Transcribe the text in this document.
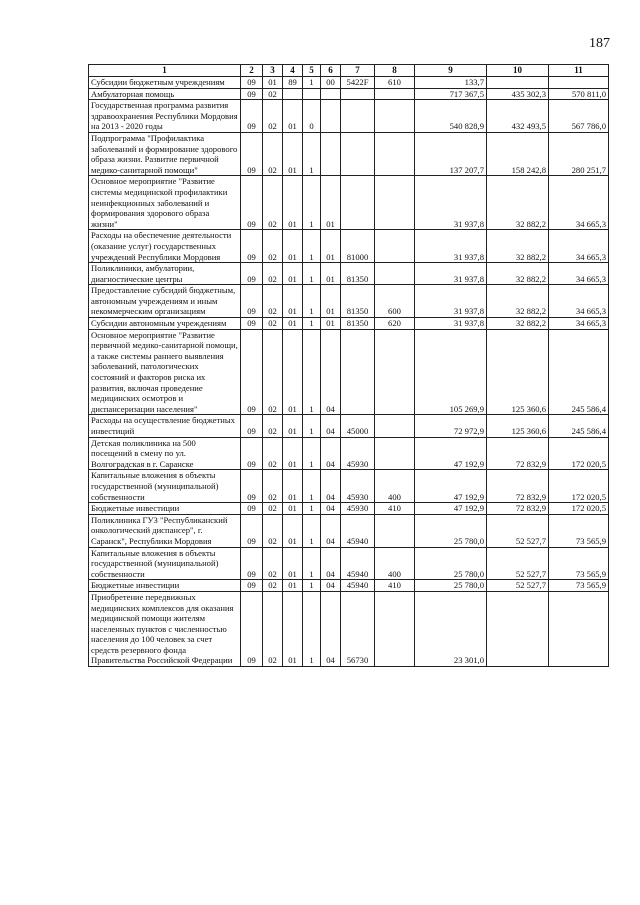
187
1	2	3	4	5	6	7	8	9	10	11
Субсидии бюджетным учреждениям	09	01	89	1	00	5422F	610	133,7		
Амбулаторная помощь	09	02						717 367,5	435 302,3	570 811,0
Государственная программа развития здравоохранения Республики Мордовия на 2013 - 2020 годы	09	02	01	0				540 828,9	432 493,5	567 786,0
Подпрограмма "Профилактика заболеваний и формирование здорового образа жизни. Развитие первичной медико-санитарной помощи"	09	02	01	1				137 207,7	158 242,8	280 251,7
Основное мероприятие "Развитие системы медицинской профилактики неинфекционных заболеваний и формирования здорового образа жизни"	09	02	01	1	01			31 937,8	32 882,2	34 665,3
Расходы на обеспечение деятельности (оказание услуг) государственных учреждений Республики Мордовия	09	02	01	1	01	81000		31 937,8	32 882,2	34 665,3
Поликлиники, амбулатории, диагностические центры	09	02	01	1	01	81350		31 937,8	32 882,2	34 665,3
Предоставление субсидий бюджетным, автономным учреждениям и иным некоммерческим организациям	09	02	01	1	01	81350	600	31 937,8	32 882,2	34 665,3
Субсидии автономным учреждениям	09	02	01	1	01	81350	620	31 937,8	32 882,2	34 665,3
Основное мероприятие "Развитие первичной медико-санитарной помощи, а также системы раннего выявления заболеваний, патологических состояний и факторов риска их развития, включая проведение медицинских осмотров и диспансеризации населения"	09	02	01	1	04			105 269,9	125 360,6	245 586,4
Расходы на осуществление бюджетных инвестиций	09	02	01	1	04	45000		72 972,9	125 360,6	245 586,4
Детская поликлиника на 500 посещений в смену по ул. Волгоградская в г. Саранске	09	02	01	1	04	45930		47 192,9	72 832,9	172 020,5
Капитальные вложения в объекты государственной (муниципальной) собственности	09	02	01	1	04	45930	400	47 192,9	72 832,9	172 020,5
Бюджетные инвестиции	09	02	01	1	04	45930	410	47 192,9	72 832,9	172 020,5
Поликлиника ГУЗ "Республиканский онкологический диспансер", г. Саранск", Республики Мордовия	09	02	01	1	04	45940		25 780,0	52 527,7	73 565,9
Капитальные вложения в объекты государственной (муниципальной) собственности	09	02	01	1	04	45940	400	25 780,0	52 527,7	73 565,9
Бюджетные инвестиции	09	02	01	1	04	45940	410	25 780,0	52 527,7	73 565,9
Приобретение передвижных медицинских комплексов для оказания медицинской помощи жителям населенных пунктов с численностью населения до 100 человек за счет средств резервного фонда Правительства Российской Федерации	09	02	01	1	04	56730		23 301,0		
